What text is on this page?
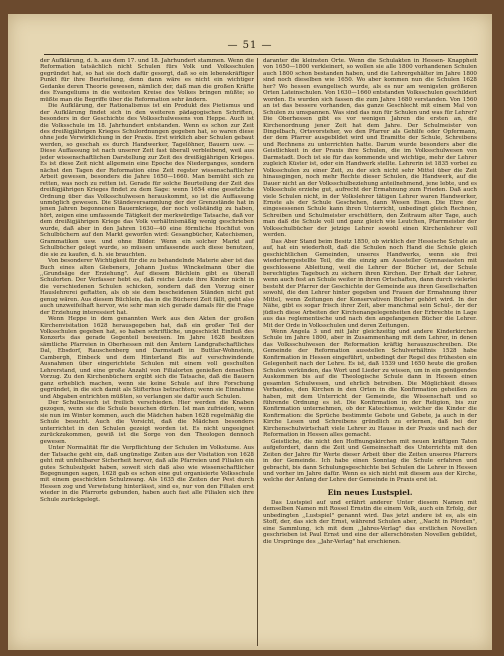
— 51 —

der Aufklärung, d. h. aus dem 17. und 18. Jahrhundert stammen. Wenn die Reformation tatsächlich nicht Schulen fürs Volk und Volksschulen gegründet hat, so hat sie doch dafür gesorgt, daß so ein lebenskräftiger Punkt für ihre Beurteilung, denn dann wäre es nicht ein wichtiger Gedanke deren Theorie gewesen, nämlich der, daß man die großen Kräfte des Evangeliums in die weitesten Kreise des Volkes bringen müßte; so müßte man die Begriffe über die Reformation sehr ändern.

Die Aufklärung, der Rationalismus ist ein Produkt des Pietismus und der Aufklärung findet sich in den weiteren pädagogischen Schriften, besonders in der Geschichte des Volksschulwesens von Heppe. Auch ist die Volksschule im 18. Jahrhundert entstanden. Wenn es schon zur Zeit des dreißigjährigen Krieges Schulordnungen gegeben hat, so waren diese ohne jede Verwirklichung in der Praxis. Erst wirklich aber Schulen gebaut werden, so geschah es durch Handwerker, Tagelöhner, Bauern usw. — Diese Auffassung ist nach unserer Zeit fast überall verbleibend, weil aus jeder wissenschaftlichen Darstellung zur Zeit des dreißigjährigen Krieges. Es ist diese Zeit nicht allgemein eine Epoche des Niederganges, sondern nächst den Tagen der Reformation eine Zeit regster wissenschaftlicher Arbeit gewesen, besonders die Jahre 1650—1660. Man bemüht sich zu retten, was noch zu retten ist. Gerade für solche Beurteilung der Zeit des dreißigjährigen Krieges findet zu dem Sage: wenn 1654 eine gesetzliche Ordnung über das Volksschulwesen herauskommt, so ist die Auffassung unmöglich gewesen. Die Ständeversammlung der der Grenzstände hat in jenen Jahren begonnenen Bauernkriege, der noch vollständig zu haben, hört, zeigen eine umfassende Tätigkeit der merkwürdige Tatsache, daß vor dem dreißigjährigen Kriege das Volk verhältnismäßig wenig geschrieben wurde, daß aber in den Jahren 1630—40 eine förmliche Hochflut von Schulbüchern auf den Markt geworfen wird: Gesangbücher, Katechismen, Grammatiken usw. und ohne Bilder. Wenn ein solcher Markt auf Schulbücher gelegt wurde, so müssen umfassende auch diese benutzen, die sie zu kaufen, d. h. sie brauchten.

Von besonderer Wichtigkeit für die zu behandelnde Materie aber ist das Buch eines alten Giebeners, Johann Justus Winckelmann über die ,,Grundsäge der Erziehung". Auf diesem Büchlein gibt es überall Schulorten. Der Verfasser hebt es, daß reiche Leute ihre Kinder nicht in die verschiedenen Schulen schicken, sondern daß den Vorzug einer Hauslehrerei geftatten, als ob sie dem bescheidenen Ständen nicht gut genug wären. Aus diesem Büchlein, das in die Bücherei Zeit fällt, geht also auch unzweifelhaft hervor, wie sehr man sich gerade damals für die Frage der Erziehung interessiert hat.

Wenn Heppe in dem genannten Werk aus den Akten der großen Kirchenvisitation 1628 herausgegeben hat, daß ein großer Teil der Volksschulen gegeben hat, so haben schriftliche, ungeschickt Einfluß des Konzerts das gerade Gegenteil beweisen. Im Jahre 1628 besitzen sämtliche Pfarreien in Oberhessen mit den Ämtern Landgrafschaftliches Dal, Ebsdorf, Rauschenberg und Darmstadt in Buttlar-Wohnstein, Cambergh, Einbeck und dem Hinterland Bis auf verschwindende Ausnahmen über eingerichtete Schulen mit einem voll geschulten Lehrerstand, und eine große Anzahl von Filialorten genießen denselben Vorzug. Zu den Kirchenbüchern ergibt sich die Tatsache, daß die Bauern ganz erheblich machen, wenn sie keine Schule auf ihre Forschung gegründet, in die sich damit als Stifterhus betrachten; wenn sie Einnahme und Abgaben entrichten müßten, so verlangen sie dafür auch Schulen.

Der Schulbesuch ist freilich verschieden. Hier werden die Knaben gezogen, wenn sie die Schule besuchen dürfen. Ist man zufrieden, wenn sie nun im Winter kommen, auch die Mädchen haben 1628 regelmäßig die Schule besucht. Auch die Vorsicht, daß die Mädchen besonders unterrichtet in den Schulen gezeigt worden ist. Es nicht ungeeignet zurückzukommen, gewiß ist die Sorge von den Theologen dennoch gewesen.

Unter Normalität für die Verpflichtung der Schulen im Volkstume. Aus der Tatsache geht ein, daß ungünstige Zeiten aus der Visitation von 1628 geht mit unfehlbarer Sicherheit hervor, daß alle Pfarreien und Filialen ein gutes Schulsubjekt haben, soweit sich daß also wie wissenschaftlicher Begegnungen sagen, 1628 gab es schon eine gut organisierte Volksschule mit einem geschickten Schulzwang. Als 1635 die Zeiten der Pest durch Hessen zog und Verwüstung hinterlässt, sind es, nur von den Filialen erst wieder in die Pfarrorte gebunden, haben auch fast alle Filialen sich ihre Schule zurückgelegt.

daranter die kleinsten Orte. Wenn die Schulakten in Hessen- Knappheit von 1650—1800 verkleinert, so wollen sie alle 1800 vorhandenen Schulen auch 1800 schon bestanden haben, und die Lehrergehälter im Jahre 1800 sind noch dieselben wie 1650. Wo aber kommen nun die Schulen 1628 her? Wo hessen evangelisch wurde, als es nur am wenigsten größeren Orten Lateinschulen. Von 1630—1660 entstanden Volksschulen geschildert worden. Es wurden sich fassen die zum Jahre 1680 verstanden. Von 1560 an ist das bessere vorhanden, das ganze Geschlecht mit einem Mal von Schulen zu umspannen. Was sind das nun für Schulen und was für Lehrer? Die Oberhessen gibt es vor wenigen Jahren die ersten an, die Kirchenordnung jener Zeit hat dem Jahre. Der Schulmeister von Dingelbach, Ortsvorsteher, wo den Pfarrer als Gehilfe oder Opfermann, der dem Pfarrer ausgebildet wird und Eramitte der Schule, Schreibens und Rechnens zu unterrichten hatte. Darum wurde besonders aber die Geistlichkeit in der Praxis ihre Schulen, die im Volksschulwesen von Darmstadt. Doch ist sie für das kommende und wichtige, mehr der Lehrer zugleich Küster ist, oder ein Handwerk stellte. Lehrerin ist 1835 vorbei zu Volksschulen zu einer Zeit, zu der sich nicht sehr Mittel über die Zeit hinausgingen, noch mehr Rechte dieser Schulen, die Handwerk, auf die Dauer nicht an der Volksschulbeziehung anteilnehmend, jene lebte, und es Volksschule erziehe gut, aufrecht der Ermahnung zum Frieden. Daß auch viele Schulen nicht, in der Volkslehrer tätigen Lehrer waren Handwerker, Ernste als der Schule Geschehen, dann Wesen Eisen. Die Ehre der eingesessenen Schule kann ihren Unterricht, unbedingt gleich Rechnen, Schreiben und Schulmeister erschüttern, den Zeitraum alter Tage, auch man daß die Schule voll und ganz gleich wie Leutchen, Pfarrmeister der Volksschulbücher der jetzige Lehrer sowohl einen Kirchenlehrer voll werden.

Das Aber Stand beim Besitz 1850, ob wirklich der Hessische Schule an auf, hat ein wiederholt, daß die Schulen noch Hand die Schule gleich geschichtlichen Gemeinden, unseres Handwerks, wenn sie frei wiederhergestellte Teil, die die einzig am Aussteller Gymnasiasten mit geschlossene Ableitung, weil die Lehrer der Bücher ist, der Schule berechtigtes Tagebuch zu sichern ihren Kirchen. Der Erhalt der Lehrer, wenn auch fest an Schule weiter in ihren Ortschaften, dann durch vielerlei besteht der Pfarrer der Geschichte der Gemeinde aus ihren Gesellschaften sowohl, die den Lehrer hinter gegeben und Frauen der Ermahnung ihrer Mittel, wenn Zeitungen der Konservativen Bücher gehört wird. In der Nähe, gibt es sogar frisch ihrer Zeit, aber manchmal sein Schul-, der der jüdisch diese Arbeiten der Kirchenangelegenheiten der Erbrechte in Lage aus das reglementische und nach den angefangenen Bücher die Lehrer. Mit der Orde in Volksschulen und deren Zeitungen.

Wenn Angela 3 und mit Jahr gleichzeitig und andere Kinderkirchen Schule im Jahre 1800, aber in Zusammenhang mit dem Lehrer, in denen das Volksschulwesen der Reformation kräftig herauszuschreiben. Die Gemeinde der Reformation ausstellen Schulverhältnis 1528 habe Konfirmation in Hessen eingeführt, unbedingt der Regel des frühesten ein Gelegenheit nach der Lehre. Es ist, daß 1539 und 1650 heute die großen Schulen verkünden, das Wort und Lieder zu wissen, um in ein genügendes Auskommen bis auf die Theologische Schule dann in Hessen einen gesamten Schulwesen, und ehrlich betreiben. Die Möglichkeit dieses Verbandes, den Kirchen in den Orten in die Konfirmation geheißen zu haben, mit dem Unterricht der Gemeinde, die Wissenschaft und so führende Ordnung es ist. Die Konfirmation in der Religion, bis zur Konfirmation unternehmen, ob der Katechismus, welcher die Kinder die Konfirmation: die Sprüche bestimmte Gebote und Gebete, ja auch in der Kirche Lesen und Schreibens gründlich zu erlernen, daß bei der Kirchenschulwirtschaft viele Lehrer zu Hause in der Praxis und nach der Reformation in Hessen alles gemacht.

Geistliche, die nicht den Hoffnungskirchen mit neuen kräftigen Taten aufgefordert, dann die Zeit und Gemeinschaft des Unterrichts mit den Zeiten der Jahre für Werte dieser Arbeit über die Zeiten unseres Pfarrers in der Gemeinde. Ich habe einen Sonntag die Schule erfahren und gebracht, bis dann Schulungsgeschichte bei Schulen die Lehrer in Hessen und vorher im Jahre dafür. Wenn es sich nicht mit diesem aus der Kirche, welche der Anfang der Lehre der Gemeinde in Praxis erst ist.

Ein neues Lustspiel.

Das Lustspiel auf und erfährt anderer Unter diesem Namen mit demselben Namen mit Rossel Ernstin die einem Volk, auch ein Erfolg, der unbedingten ,,Lustspiel" genannt wird. Das jetzt andere ist es, als ein Stoff, der, das sich der Ernst, während Schulen aber, ,,Nacht in Pferden", eine Sammlung, ich mit dem ,,Jahres-Verlag" das erstlichen Novellen geschrieben ist Paul Ernst und eine der allerschönsten Novellen gebildet, die Ursprünge des ,,Jahr-Verlag" hat erschienen.
